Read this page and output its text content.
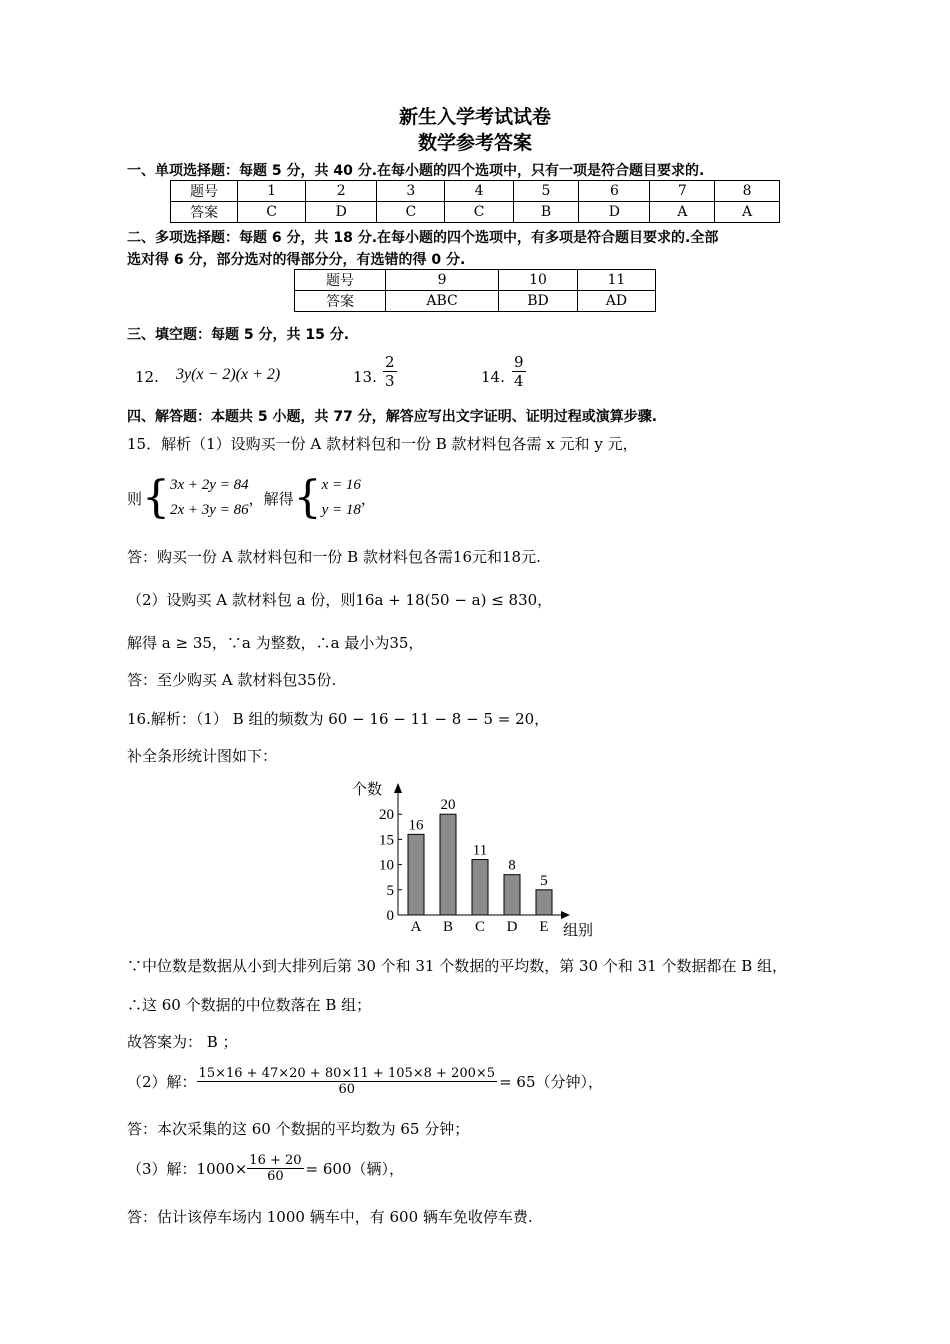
新生入学考试试卷
数学参考答案
一、单项选择题：每题 5 分，共 40 分.在每小题的四个选项中，只有一项是符合题目要求的.
题号	1	2	3	4	5	6	7	8
答案	C	D	C	C	B	D	A	A
二、多项选择题：每题 6 分，共 18 分.在每小题的四个选项中，有多项是符合题目要求的.全部
选对得 6 分，部分选对的得部分分，有选错的得 0 分.
题号	9	10	11
答案	ABC	BD	AD
三、填空题：每题 5 分，共 15 分.
12. 3y(x − 2)(x + 2)	13. $\frac{2}{3}$	14. $\frac{9}{4}$
四、解答题：本题共 5 小题，共 77 分，解答应写出文字证明、证明过程或演算步骤.
15．解析（1）设购买一份 A 款材料包和一份 B 款材料包各需 x 元和 y 元，
则 { 3x + 2y = 84
2x + 3y = 86
，解得 { x = 16
y = 18
，
答：购买一份 A 款材料包和一份 B 款材料包各需16元和18元.
（2）设购买 A 款材料包 a 份，则16a + 18(50 − a) ≤ 830，
解得 a ≥ 35，∵a 为整数，∴a 最小为35，
答：至少购买 A 款材料包35份.
16.解析：（1） B 组的频数为 60 − 16 − 11 − 8 − 5 = 20，
补全条形统计图如下：
个数
组别
0
5
10
15
20
16
A
20
B
11
C
8
D
5
E
∵中位数是数据从小到大排列后第 30 个和 31 个数据的平均数，第 30 个和 31 个数据都在 B 组，
∴这 60 个数据的中位数落在 B 组；
故答案为： B ；
（2）解： $\frac{15\times 16 + 47\times 20 + 80\times 11 + 105\times 8 + 200\times 5}{60} = 65$（分钟），
答：本次采集的这 60 个数据的平均数为 65 分钟；
（3）解：$1000\times \frac{16 + 20}{60} = 600$（辆），
答：估计该停车场内 1000 辆车中，有 600 辆车免收停车费.
